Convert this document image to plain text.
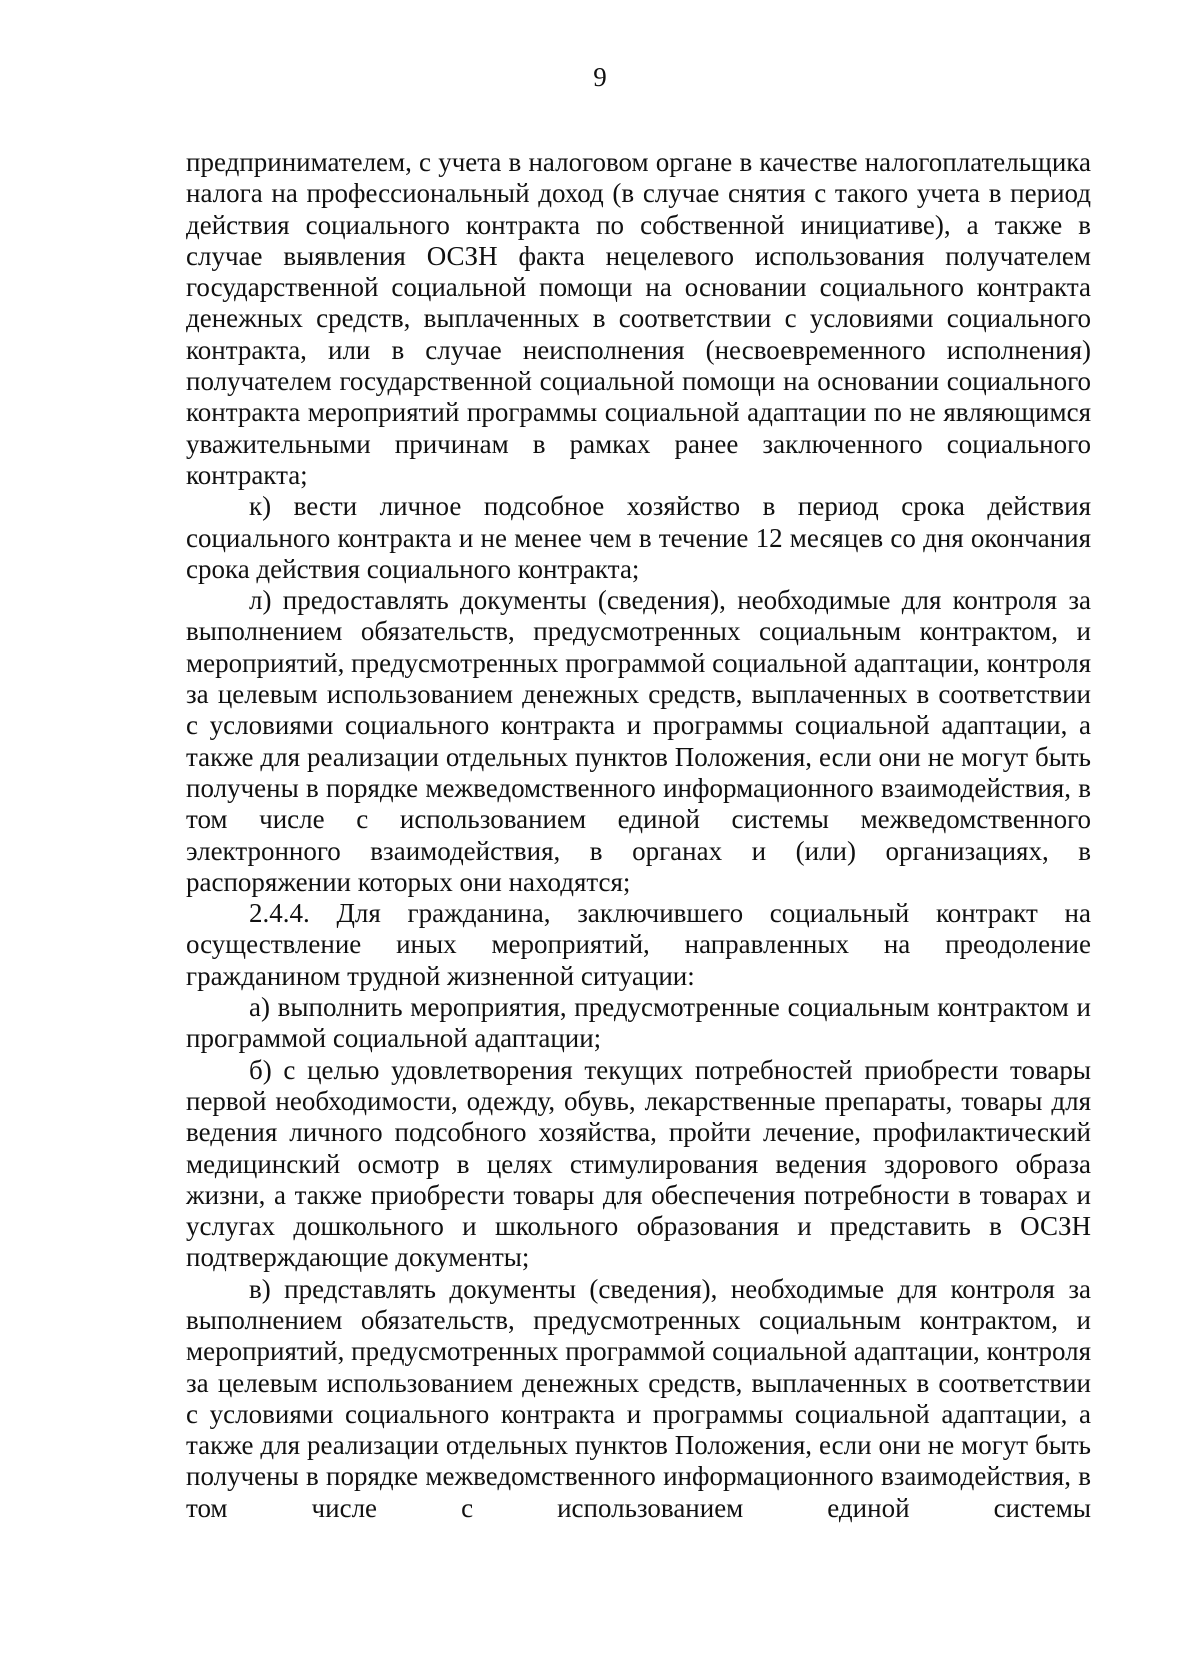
9

предпринимателем, с учета в налоговом органе в качестве налогоплательщика налога на профессиональный доход (в случае снятия с такого учета в период действия социального контракта по собственной инициативе), а также в случае выявления ОСЗН факта нецелевого использования получателем государственной социальной помощи на основании социального контракта денежных средств, выплаченных в соответствии с условиями социального контракта, или в случае неисполнения (несвоевременного исполнения) получателем государственной социальной помощи на основании социального контракта мероприятий программы социальной адаптации по не являющимся уважительными причинам в рамках ранее заключенного социального контракта;

к) вести личное подсобное хозяйство в период срока действия социального контракта и не менее чем в течение 12 месяцев со дня окончания срока действия социального контракта;

л) предоставлять документы (сведения), необходимые для контроля за выполнением обязательств, предусмотренных социальным контрактом, и мероприятий, предусмотренных программой социальной адаптации, контроля за целевым использованием денежных средств, выплаченных в соответствии с условиями социального контракта и программы социальной адаптации, а также для реализации отдельных пунктов Положения, если они не могут быть получены в порядке межведомственного информационного взаимодействия, в том числе с использованием единой системы межведомственного электронного взаимодействия, в органах и (или) организациях, в распоряжении которых они находятся;

2.4.4. Для гражданина, заключившего социальный контракт на осуществление иных мероприятий, направленных на преодоление гражданином трудной жизненной ситуации:

а) выполнить мероприятия, предусмотренные социальным контрактом и программой социальной адаптации;

б) с целью удовлетворения текущих потребностей приобрести товары первой необходимости, одежду, обувь, лекарственные препараты, товары для ведения личного подсобного хозяйства, пройти лечение, профилактический медицинский осмотр в целях стимулирования ведения здорового образа жизни, а также приобрести товары для обеспечения потребности в товарах и услугах дошкольного и школьного образования и представить в ОСЗН подтверждающие документы;

в) представлять документы (сведения), необходимые для контроля за выполнением обязательств, предусмотренных социальным контрактом, и мероприятий, предусмотренных программой социальной адаптации, контроля за целевым использованием денежных средств, выплаченных в соответствии с условиями социального контракта и программы социальной адаптации, а также для реализации отдельных пунктов Положения, если они не могут быть получены в порядке межведомственного информационного взаимодействия, в том числе с использованием единой системы
